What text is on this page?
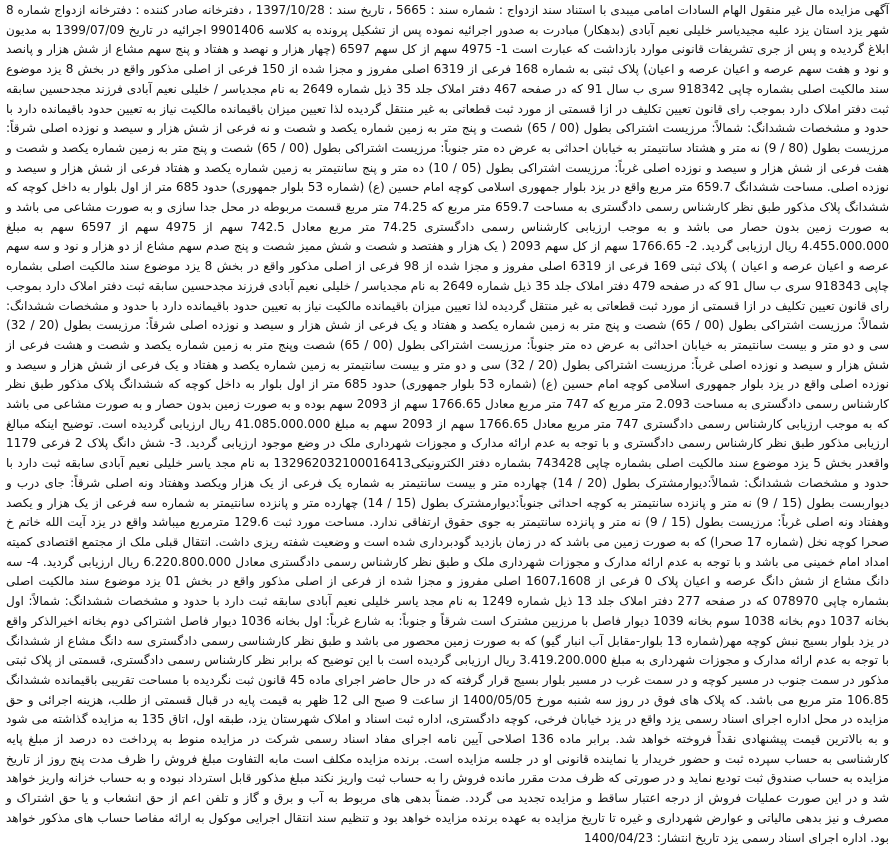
آگهی مزایده مال غیر منقول الهام السادات امامی میبدی با استناد سند ازدواج : شماره سند : 5665 ، تاریخ سند : 1397/10/28 ، دفترخانه صادر کننده : دفترخانه ازدواج شماره 8 شهر یزد استان یزد علیه مجیدیاسر خلیلی نعیم آبادی (بدهکار) مبادرت به صدور اجرائیه نموده پس از تشکیل پرونده به کلاسه 9901406 اجرائیه در تاریخ 1399/07/09 به مدیون ابلاغ گردیده و پس از جری تشریفات قانونی موارد بازداشت که عبارت است 1- 4975 سهم از کل سهم 6597 (چهار هزار و نهصد و هفتاد و پنج سهم مشاع از شش هزار و پانصد و نود و هفت سهم عرصه و اعیان عرصه و اعیان) پلاک ثبتی به شماره 168 فرعی از 6319 اصلی مفروز و مجزا شده از 150 فرعی از اصلی مذکور واقع در بخش 8 یزد موضوع سند مالکیت اصلی بشماره چاپی 918342 سری ب سال 91 که در صفحه 467 دفتر املاک جلد 35 ذیل شماره 2649 به نام مجدیاسر / خلیلی نعیم آبادی فرزند مجدحسین سابقه ثبت دفتر املاک دارد بموجب رای قانون تعیین تکلیف در ازا قسمتی از مورد ثبت قطعاتی به غیر منتقل گردیده لذا تعیین میزان باقیمانده مالکیت نیاز به تعیین حدود باقیمانده دارد با حدود و مشخصات ششدانگ: شمالاً: مرزیست اشتراکی بطول (00 / 65) شصت و پنج متر به زمین شماره یکصد و شصت و نه فرعی از شش هزار و سیصد و نوزده اصلی شرقاً: مرزیست بطول (80 / 9) نه متر و هشتاد سانتیمتر به خیابان احداثی به عرض ده متر جنوباً: مرزیست اشتراکی بطول (00 / 65) شصت و پنج متر به زمین شماره یکصد و شصت و هفت فرعی از شش هزار و سیصد و نوزده اصلی غرباً: مرزیست اشتراکی بطول (05 / 10) ده متر و پنج سانتیمتر به زمین شماره یکصد و هفتاد فرعی از شش هزار و سیصد و نوزده اصلی. مساحت ششدانگ 659.7 متر مربع واقع در یزد بلوار جمهوری اسلامی کوچه امام حسین (ع) (شماره 53 بلوار جمهوری) حدود 685 متر از اول بلوار به داخل کوچه که ششدانگ پلاک مذکور طبق نظر کارشناس رسمی دادگستری به مساحت 659.7 متر مربع که 74.25 متر مربع قسمت مربوطه در محل جدا سازی و به صورت مشاعی می باشد و به صورت زمین بدون حصار می باشد و به موجب ارزیابی کارشناس رسمی دادگستری 74.25 متر مربع معادل 742.5 سهم از 4975 سهم از 6597 سهم به مبلغ 4.455.000.000 ریال ارزیابی گردید. 2- 1766.65 سهم از کل سهم 2093 ( یک هزار و هفتصد و شصت و شش ممیز شصت و پنج صدم سهم مشاع از دو هزار و نود و سه سهم عرصه و اعیان عرصه و اعیان ) پلاک ثبتی 169 فرعی از 6319 اصلی مفروز و مجزا شده از 98 فرعی از اصلی مذکور واقع در بخش 8 یزد موضوع سند مالکیت اصلی بشماره چاپی 918343 سری ب سال 91 که در صفحه 479 دفتر املاک جلد 35 ذیل شماره 2649 به نام مجدیاسر / خلیلی نعیم آبادی فرزند مجدحسین سابقه ثبت دفتر املاک دارد بموجب رای قانون تعیین تکلیف در ازا قسمتی از مورد ثبت قطعاتی به غیر منتقل گردیده لذا تعیین میزان باقیمانده مالکیت نیاز به تعیین حدود باقیمانده دارد با حدود و مشخصات ششدانگ: شمالاً: مرزیست اشتراکی بطول (00 / 65) شصت و پنج متر به زمین شماره یکصد و هفتاد و یک فرعی از شش هزار و سیصد و نوزده اصلی شرقاً: مرزیست بطول (20 / 32) سی و دو متر و بیست سانتیمتر به خیابان احداثی به عرض ده متر جنوباً: مرزیست اشتراکی بطول (00 / 65) شصت وپنج متر به زمین شماره یکصد و شصت و هشت فرعی از شش هزار و سیصد و نوزده اصلی غرباً: مرزیست اشتراکی بطول (20 / 32) سی و دو متر و بیست سانتیمتر به زمین شماره یکصد و هفتاد و یک فرعی از شش هزار و سیصد و نوزده اصلی واقع در یزد بلوار جمهوری اسلامی کوچه امام حسین (ع) (شماره 53 بلوار جمهوری) حدود 685 متر از اول بلوار به داخل کوچه که ششدانگ پلاک مذکور طبق نظر کارشناس رسمی دادگستری به مساحت 2.093 متر مربع که 747 متر مربع معادل 1766.65 سهم از 2093 سهم بوده و به صورت زمین بدون حصار و به صورت مشاعی می باشد که به موجب ارزیابی کارشناس رسمی دادگستری 747 متر مربع معادل 1766.65 سهم از 2093 سهم به مبلغ 41.085.000.000 ریال ارزیابی گردیده است. توضیح اینکه مبالغ ارزیابی مذکور طبق نظر کارشناس رسمی دادگستری و با توجه به عدم ارائه مدارک و مجوزات شهرداری ملک در وضع موجود ارزیابی گردید. 3- شش دانگ پلاک 2 فرعی 1179 واقعدر بخش 5 یزد موضوع سند مالکیت اصلی بشماره چاپی 743428 بشماره دفتر الکترونیکی132962032100016413 به نام مجد یاسر خلیلی نعیم آبادی سابقه ثبت دارد با حدود و مشخصات ششدانگ: شمالاً:دیوارمشترک بطول (20 / 14) چهارده متر و بیست سانتیمتر به شماره یک فرعی از یک هزار ویکصد وهفتاد ونه اصلی شرقاً: جای درب و دیواربست بطول (15 / 9) نه متر و پانزده سانتیمتر به کوچه احداثی جنوباً:دیوارمشترک بطول (15 / 14) چهارده متر و پانزده سانتیمتر به شماره سه فرعی از یک هزار و یکصد وهفتاد ونه اصلی غرباً: مرزیست بطول (15 / 9) نه متر و پانزده سانتیمتر به جوی حقوق ارتفاقی ندارد. مساحت مورد ثبت 129.6 مترمربع میباشد واقع در یزد آیت الله خاتم خ صحرا کوچه نخل (شماره 17 صحرا) که به صورت زمین می باشد که در زمان بازدید گودبرداری شده است و وضعیت شفته ریزی داشت. انتقال قبلی ملک از مجتمع اقتصادی کمیته امداد امام خمینی می باشد و با توجه به عدم ارائه مدارک و مجوزات شهرداری ملک و طبق نظر کارشناس رسمی دادگستری معادل 6.220.800.000 ریال ارزیابی گردید. 4- سه دانگ مشاع از شش دانگ عرصه و اعیان پلاک 0 فرعی از 1607،1608 اصلی مفروز و مجزا شده از فرعی از اصلی مذکور واقع در بخش 01 یزد موضوع سند مالکیت اصلی بشماره چاپی 078970 که در صفحه 277 دفتر املاک جلد 13 ذیل شماره 1249 به نام مجد یاسر خلیلی نعیم آبادی سابقه ثبت دارد با حدود و مشخصات ششدانگ: شمالاً: اول بخانه 1037 دوم بخانه 1038 سوم بخانه 1039 دیوار فاصل با مرزیین مشترک است شرقاً و جنوباً: به شارع غرباً: اول بخانه 1036 دیوار فاصل اشتراکی دوم بخانه اخیرالذکر واقع در یزد بلوار بسیج نبش کوچه مهر(شماره 13 بلوار-مقابل آب انبار گیو) که به صورت زمین محصور می باشد و طبق نظر کارشناسی رسمی دادگستری سه دانگ مشاع از ششدانگ با توجه به عدم ارائه مدارک و مجوزات شهرداری به مبلغ 3.419.200.000 ریال ارزیابی گردیده است با این توضیح که برابر نظر کارشناس رسمی دادگستری، قسمتی از پلاک ثبتی مذکور در سمت جنوب در مسیر کوچه و در سمت غرب در مسیر بلوار بسیج قرار گرفته که در حال حاضر اجرای ماده 45 قانون ثبت نگردیده با مساحت تقریبی باقیمانده ششدانگ 106.85 متر مربع می باشد. که پلاک های فوق در روز سه شنبه مورخ 1400/05/05 از ساعت 9 صبح الی 12 ظهر به قیمت پایه در قبال قسمتی از طلب، هزینه اجرائی و حق مزایده در محل اداره اجرای اسناد رسمی یزد واقع در یزد خیابان فرخی، کوچه دادگستری، اداره ثبت اسناد و املاک شهرستان یزد، طبقه اول، اتاق 135 به مزایده گذاشته می شود و به بالاترین قیمت پیشنهادی نقداً فروخته خواهد شد. برابر ماده 136 اصلاحی آیین نامه اجرای مفاد اسناد رسمی شرکت در مزایده منوط به پرداخت ده درصد از مبلغ پایه کارشناسی به حساب سپرده ثبت و حضور خریدار یا نماینده قانونی او در جلسه مزایده است. برنده مزایده مکلف است مابه التفاوت مبلغ فروش را ظرف مدت پنج روز از تاریخ مزایده به حساب صندوق ثبت تودیع نماید و در صورتی که ظرف مدت مقرر مانده فروش را به حساب ثبت واریز نکند مبلغ مذکور قابل استرداد نبوده و به حساب خزانه واریز خواهد شد و در این صورت عملیات فروش از درجه اعتبار ساقط و مزایده تجدید می گردد. ضمناً بدهی های مربوط به آب و برق و گاز و تلفن اعم از حق انشعاب و یا حق اشتراک و مصرف و نیز بدهی مالیاتی و عوارض شهرداری و غیره تا تاریخ مزایده به عهده برنده مزایده خواهد بود و تنظیم سند انتقال اجرایی موکول به ارائه مفاصا حساب های مذکور خواهد بود. اداره اجرای اسناد رسمی یزد تاریخ انتشار: 1400/04/23
